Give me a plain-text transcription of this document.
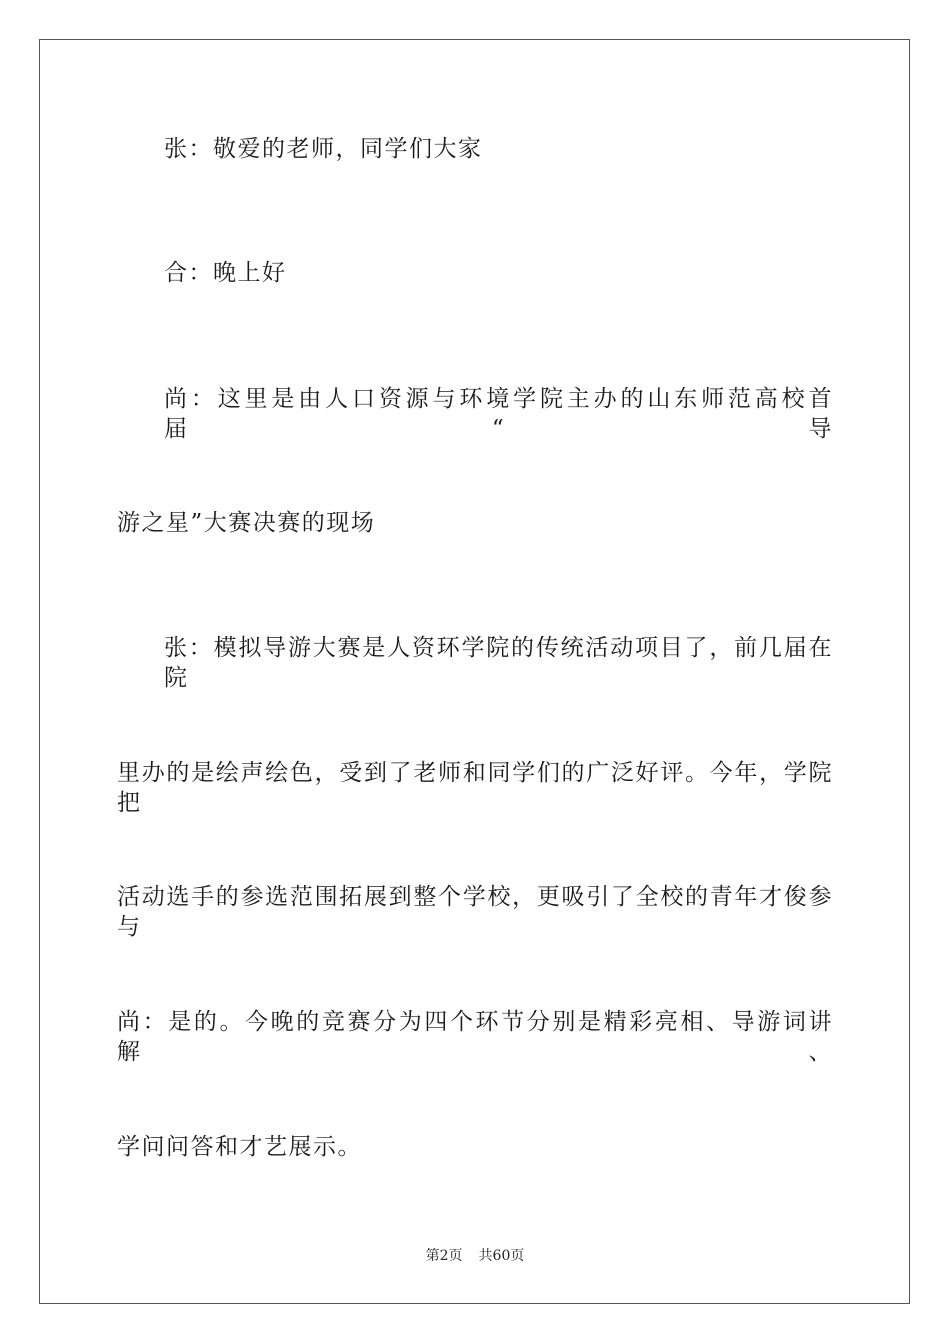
张：敬爱的老师，同学们大家
合：晚上好
尚：这里是由人口资源与环境学院主办的山东师范高校首届“导
游之星”大赛决赛的现场
张：模拟导游大赛是人资环学院的传统活动项目了，前几届在院
里办的是绘声绘色，受到了老师和同学们的广泛好评。今年，学院把
活动选手的参选范围拓展到整个学校，更吸引了全校的青年才俊参与
尚：是的。今晚的竞赛分为四个环节分别是精彩亮相、导游词讲解、
学问问答和才艺展示。
第2页 共60页
